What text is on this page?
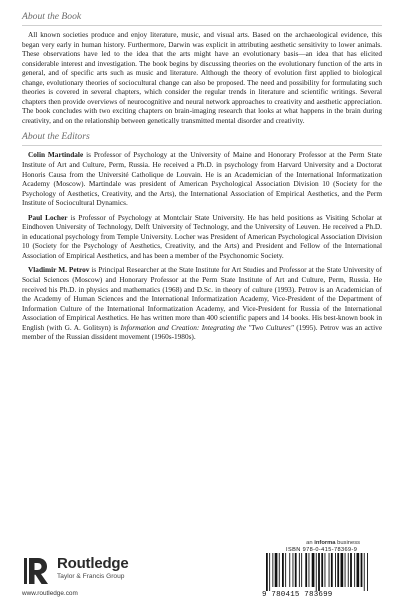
About the Book

All known societies produce and enjoy literature, music, and visual arts. Based on the archaeological evidence, this began very early in human history. Furthermore, Darwin was explicit in attributing aesthetic sensitivity to lower animals. These observations have led to the idea that the arts might have an evolutionary basis—an idea that has elicited considerable interest and investigation. The book begins by discussing theories on the evolutionary function of the arts in general, and of specific arts such as music and literature. Although the theory of evolution first applied to biological change, evolutionary theories of sociocultural change can also be proposed. The need and possibility for formulating such theories is covered in several chapters, which consider the regular trends in literature and scientific writings. Several chapters then provide overviews of neurocognitive and neural network approaches to creativity and aesthetic appreciation. The book concludes with two exciting chapters on brain-imaging research that looks at what happens in the brain during creativity, and on the relationship between genetically transmitted mental disorder and creativity.

About the Editors

Colin Martindale is Professor of Psychology at the University of Maine and Honorary Professor at the Perm State Institute of Art and Culture, Perm, Russia. He received a Ph.D. in psychology from Harvard University and a Doctorat Honoris Causa from the Université Catholique de Louvain. He is an Academician of the International Informatization Academy (Moscow). Martindale was president of American Psychological Association Division 10 (Society for the Psychology of Aesthetics, Creativity, and the Arts), the International Association of Empirical Aesthetics, and the Perm Institute of Sociocultural Dynamics.

Paul Locher is Professor of Psychology at Montclair State University. He has held positions as Visiting Scholar at Eindhoven University of Technology, Delft University of Technology, and the University of Leuven. He received a Ph.D. in educational psychology from Temple University. Locher was President of American Psychological Association Division 10 (Society for the Psychology of Aesthetics, Creativity, and the Arts) and President and Fellow of the International Association of Empirical Aesthetics, and has been a member of the Psychonomic Society.

Vladimir M. Petrov is Principal Researcher at the State Institute for Art Studies and Professor at the State University of Social Sciences (Moscow) and Honorary Professor at the Perm State Institute of Art and Culture, Perm, Russia. He received his Ph.D. in physics and mathematics (1968) and D.Sc. in theory of culture (1993). Petrov is an Academician of the Academy of Human Sciences and the International Informatization Academy, Vice-President of the Department of Information Culture of the International Informatization Academy, and Vice-President for Russia of the International Association of Empirical Aesthetics. He has written more than 400 scientific papers and 14 books. His best-known book in English (with G. A. Golitsyn) is Information and Creation: Integrating the "Two Cultures" (1995). Petrov was an active member of the Russian dissident movement (1960s-1980s).

Routledge
Taylor & Francis Group
www.routledge.com
an informa business
ISBN 978-0-415-78369-9
9 780415 783699
